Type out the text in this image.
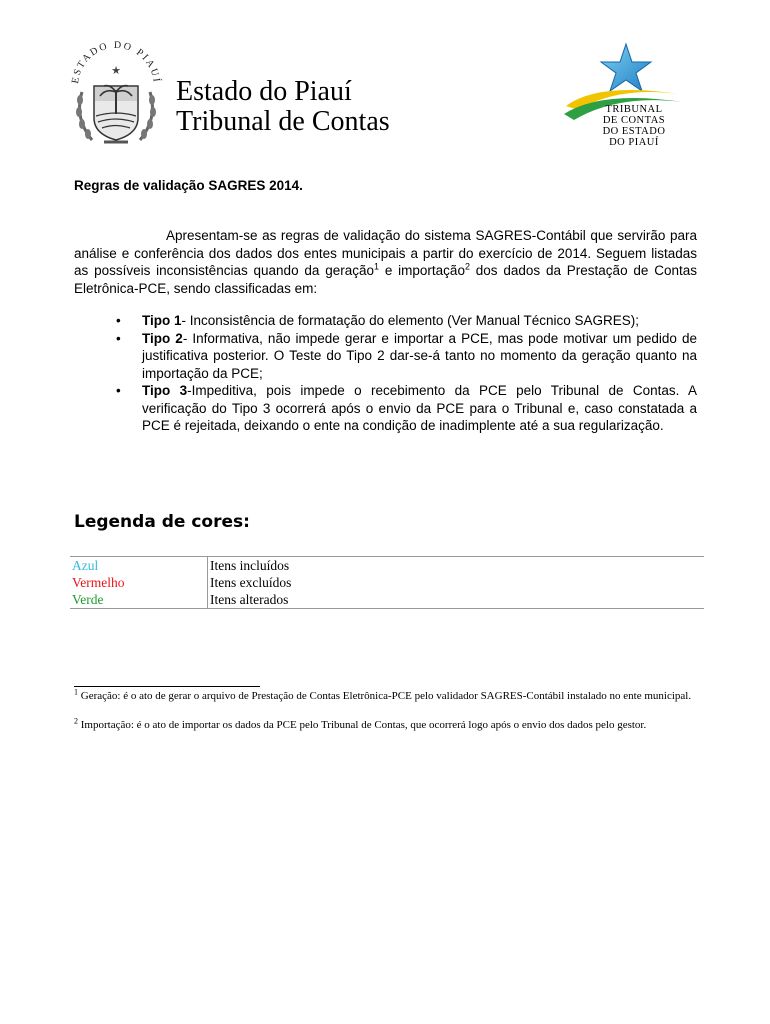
ESTADO DO PIAUÍ
★
Estado do Piauí
Tribunal de Contas	TRIBUNAL
DE CONTAS
DO ESTADO
DO PIAUÍ
Regras de validação SAGRES 2014.

Apresentam-se as regras de validação do sistema SAGRES-Contábil que servirão para análise e conferência dos dados dos entes municipais a partir do exercício de 2014. Seguem listadas as possíveis inconsistências quando da geração$^1$ e importação$^2$ dos dados da Prestação de Contas Eletrônica-PCE, sendo classificadas em:

• Tipo 1- Inconsistência de formatação do elemento (Ver Manual Técnico SAGRES);
• Tipo 2- Informativa, não impede gerar e importar a PCE, mas pode motivar um pedido de justificativa posterior. O Teste do Tipo 2 dar-se-á tanto no momento da geração quanto na importação da PCE;
• Tipo 3-Impeditiva, pois impede o recebimento da PCE pelo Tribunal de Contas. A verificação do Tipo 3 ocorrerá após o envio da PCE para o Tribunal e, caso constatada a PCE é rejeitada, deixando o ente na condição de inadimplente até a sua regularização.
Legenda de cores:
Azul	Itens incluídos
Vermelho	Itens excluídos
Verde	Itens alterados

$^1$ Geração: é o ato de gerar o arquivo de Prestação de Contas Eletrônica-PCE pelo validador SAGRES-Contábil instalado no ente municipal.

$^2$ Importação: é o ato de importar os dados da PCE pelo Tribunal de Contas, que ocorrerá logo após o envio dos dados pelo gestor.
